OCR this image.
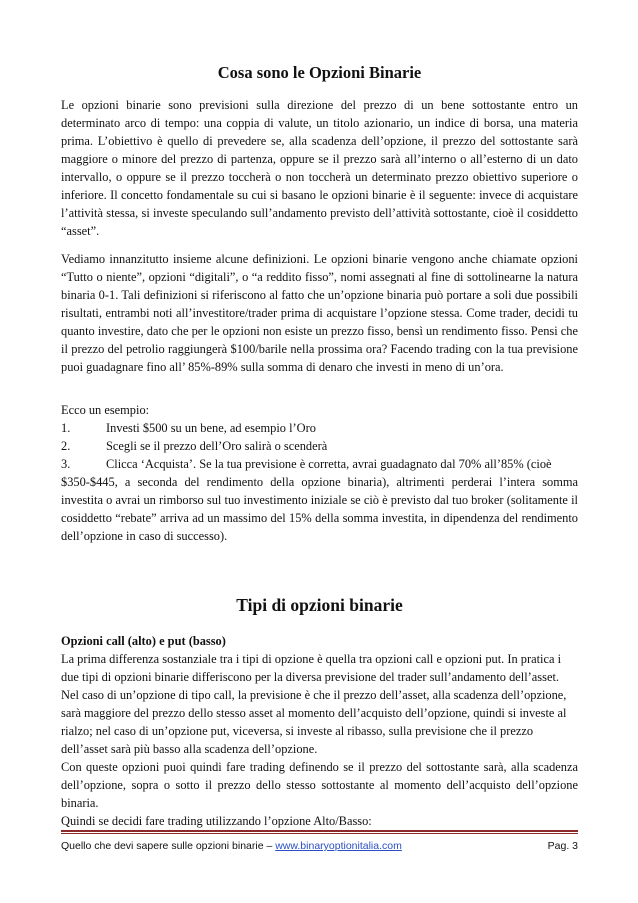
Cosa sono le Opzioni Binarie

Le opzioni binarie sono previsioni sulla direzione del prezzo di un bene sottostante entro un determinato arco di tempo: una coppia di valute, un titolo azionario, un indice di borsa, una materia prima. L’obiettivo è quello di prevedere se, alla scadenza dell’opzione, il prezzo del sottostante sarà maggiore o minore del prezzo di partenza, oppure se il prezzo sarà all’interno o all’esterno di un dato intervallo, o oppure se il prezzo toccherà o non toccherà un determinato prezzo obiettivo superiore o inferiore. Il concetto fondamentale su cui si basano le opzioni binarie è il seguente: invece di acquistare l’attività stessa, si investe speculando sull’andamento previsto dell’attività sottostante, cioè il cosiddetto “asset”.

Vediamo innanzitutto insieme alcune definizioni. Le opzioni binarie vengono anche chiamate opzioni “Tutto o niente”, opzioni “digitali”, o “a reddito fisso”, nomi assegnati al fine di sottolinearne la natura binaria 0-1. Tali definizioni si riferiscono al fatto che un’opzione binaria può portare a soli due possibili risultati, entrambi noti all’investitore/trader prima di acquistare l’opzione stessa. Come trader, decidi tu quanto investire, dato che per le opzioni non esiste un prezzo fisso, bensì un rendimento fisso. Pensi che il prezzo del petrolio raggiungerà $100/barile nella prossima ora? Facendo trading con la tua previsione puoi guadagnare fino all’ 85%-89% sulla somma di denaro che investi in meno di un’ora.

Ecco un esempio:
1.	Investi $500 su un bene, ad esempio l’Oro
2.	Scegli se il prezzo dell’Oro salirà o scenderà
3.	Clicca ‘Acquista’. Se la tua previsione è corretta, avrai guadagnato dal 70% all’85% (cioè
$350-$445, a seconda del rendimento della opzione binaria), altrimenti perderai l’intera somma investita o avrai un rimborso sul tuo investimento iniziale se ciò è previsto dal tuo broker (solitamente il cosiddetto “rebate” arriva ad un massimo del 15% della somma investita, in dipendenza del rendimento dell’opzione in caso di successo).
Tipi di opzioni binarie
Opzioni call (alto) e put (basso)
La prima differenza sostanziale tra i tipi di opzione è quella tra opzioni call e opzioni put. In pratica i due tipi di opzioni binarie differiscono per la diversa previsione del trader sull’andamento dell’asset. Nel caso di un’opzione di tipo call, la previsione è che il prezzo dell’asset, alla scadenza dell’opzione, sarà maggiore del prezzo dello stesso asset al momento dell’acquisto dell’opzione, quindi si investe al rialzo; nel caso di un’opzione put, viceversa, si investe al ribasso, sulla previsione che il prezzo dell’asset sarà più basso alla scadenza dell’opzione.
Con queste opzioni puoi quindi fare trading definendo se il prezzo del sottostante sarà, alla scadenza dell’opzione, sopra o sotto il prezzo dello stesso sottostante al momento dell’acquisto dell’opzione binaria.
Quindi se decidi fare trading utilizzando l’opzione Alto/Basso:
Quello che devi sapere sulle opzioni binarie – www.binaryoptionitalia.com	Pag. 3
